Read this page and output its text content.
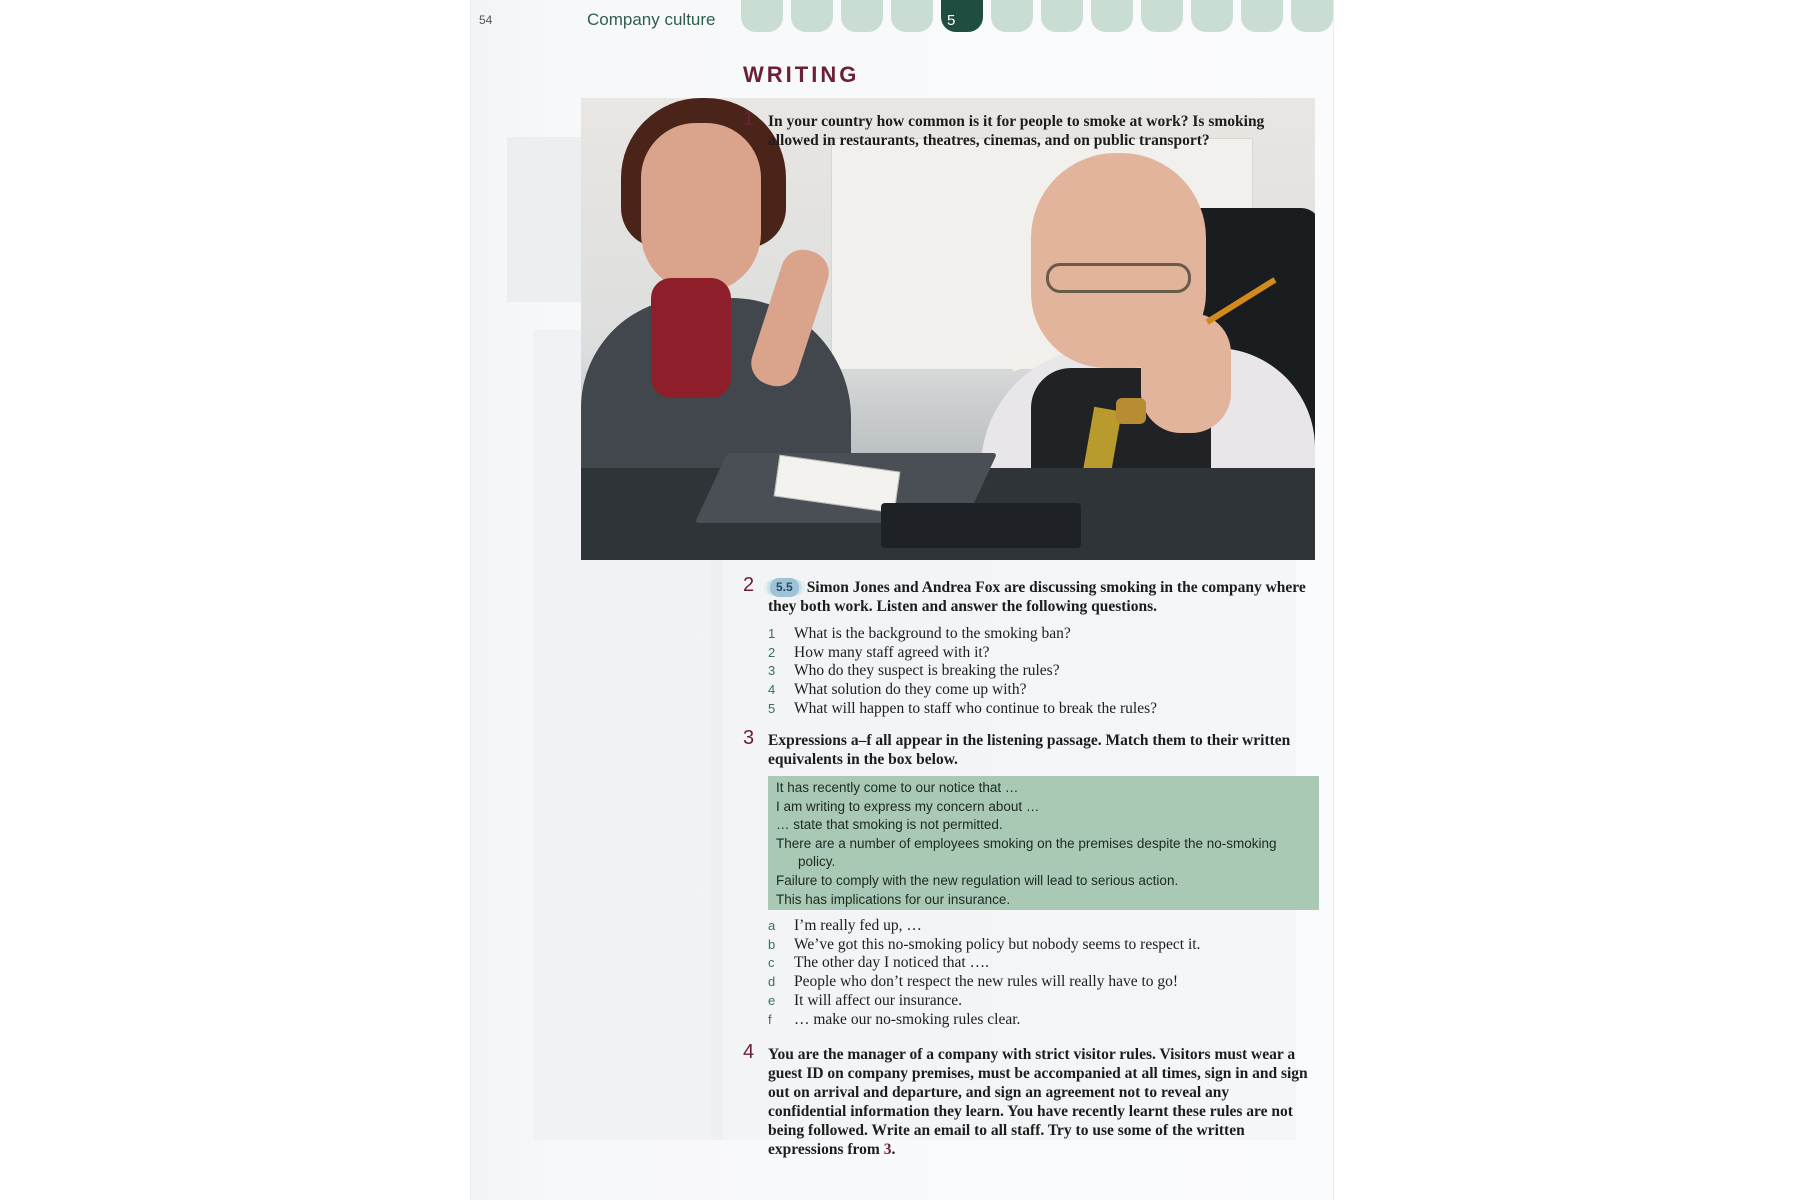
54	Company culture	5
WRITING
1 In your country how common is it for people to smoke at work? Is smoking allowed in restaurants, theatres, cinemas, and on public transport?
2	5.5 Simon Jones and Andrea Fox are discussing smoking in the company where they both work. Listen and answer the following questions.
1 What is the background to the smoking ban?
2 How many staff agreed with it?
3 Who do they suspect is breaking the rules?
4 What solution do they come up with?
5 What will happen to staff who continue to break the rules?
3 Expressions a–f all appear in the listening passage. Match them to their written equivalents in the box below.
It has recently come to our notice that …
I am writing to express my concern about …
… state that smoking is not permitted.
There are a number of employees smoking on the premises despite the no-smoking
policy.
Failure to comply with the new regulation will lead to serious action.
This has implications for our insurance.
a I’m really fed up, …
b We’ve got this no-smoking policy but nobody seems to respect it.
c The other day I noticed that ….
d People who don’t respect the new rules will really have to go!
e It will affect our insurance.
f … make our no-smoking rules clear.
4 You are the manager of a company with strict visitor rules. Visitors must wear a guest ID on company premises, must be accompanied at all times, sign in and sign out on arrival and departure, and sign an agreement not to reveal any confidential information they learn. You have recently learnt these rules are not being followed. Write an email to all staff. Try to use some of the written expressions from 3.
